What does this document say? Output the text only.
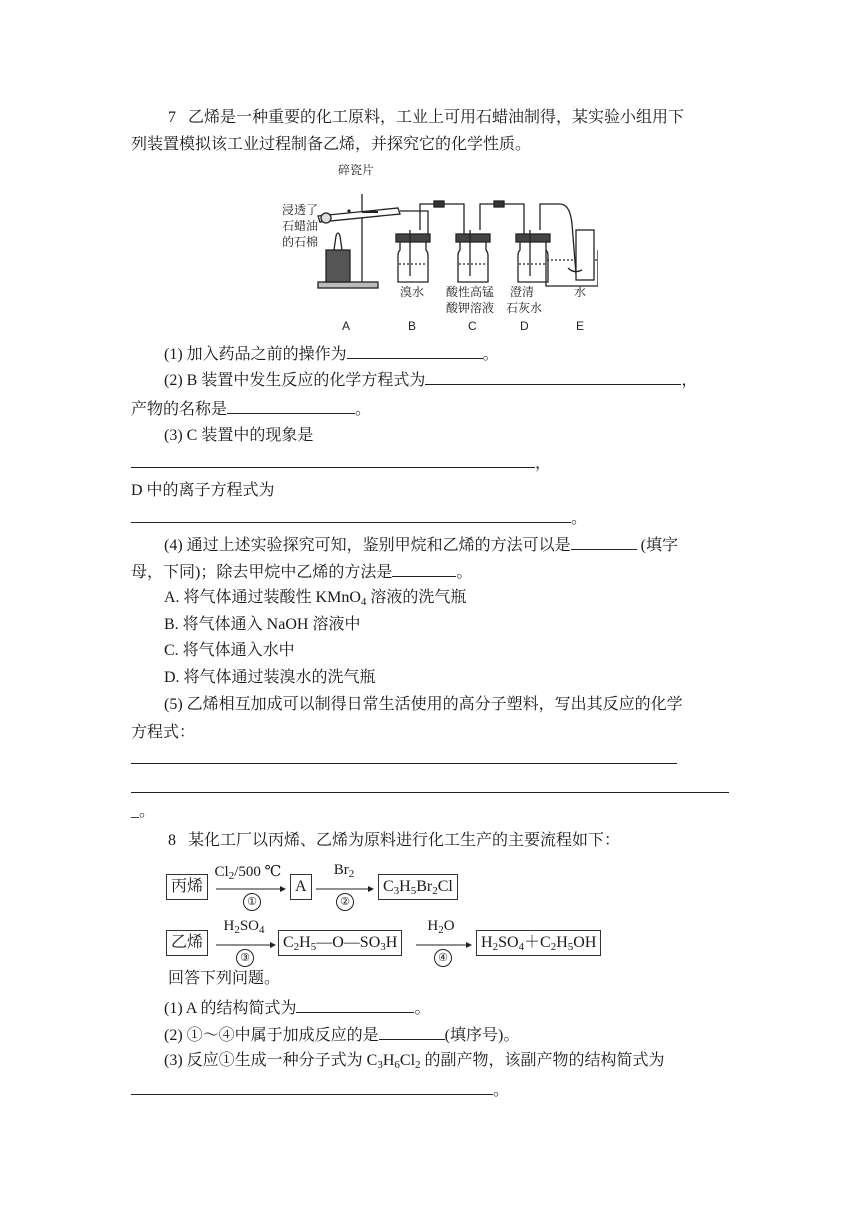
7 乙烯是一种重要的化工原料，工业上可用石蜡油制得，某实验小组用下
列装置模拟该工业过程制备乙烯，并探究它的化学性质。
碎瓷片
浸透了
石蜡油
的石棉
溴水 酸性高锰
酸钾溶液
澄清
石灰水
水
A	B	C	D	E
(1) 加入药品之前的操作为	。
(2) B 装置中发生反应的化学方程式为	，
产物的名称是	。
(3) C 装置中的现象是
，
D 中的离子方程式为
。
(4) 通过上述实验探究可知，鉴别甲烷和乙烯的方法可以是	(填字
母，下同)；除去甲烷中乙烯的方法是	。
A. 将气体通过装酸性 KMnO$_4$ 溶液的洗气瓶
B. 将气体通入 NaOH 溶液中
C. 将气体通入水中
D. 将气体通过装溴水的洗气瓶
(5) 乙烯相互加成可以制得日常生活使用的高分子塑料，写出其反应的化学
方程式：
_。
8 某化工厂以丙烯、乙烯为原料进行化工生产的主要流程如下：
丙烯
$Cl_2/500$ ℃
①
A
$Br_2$
②
$C_3H_5Br_2Cl$
乙烯
$H_2SO_4$
③
$C_2H_5—O—SO_3H$
$H_2O$
④
$H_2SO_4+C_2H_5OH$
回答下列问题。
(1) A 的结构简式为	。
(2) ①～④中属于加成反应的是	(填序号)。
(3) 反应①生成一种分子式为 $C_3H_6Cl_2$ 的副产物，该副产物的结构简式为
。
